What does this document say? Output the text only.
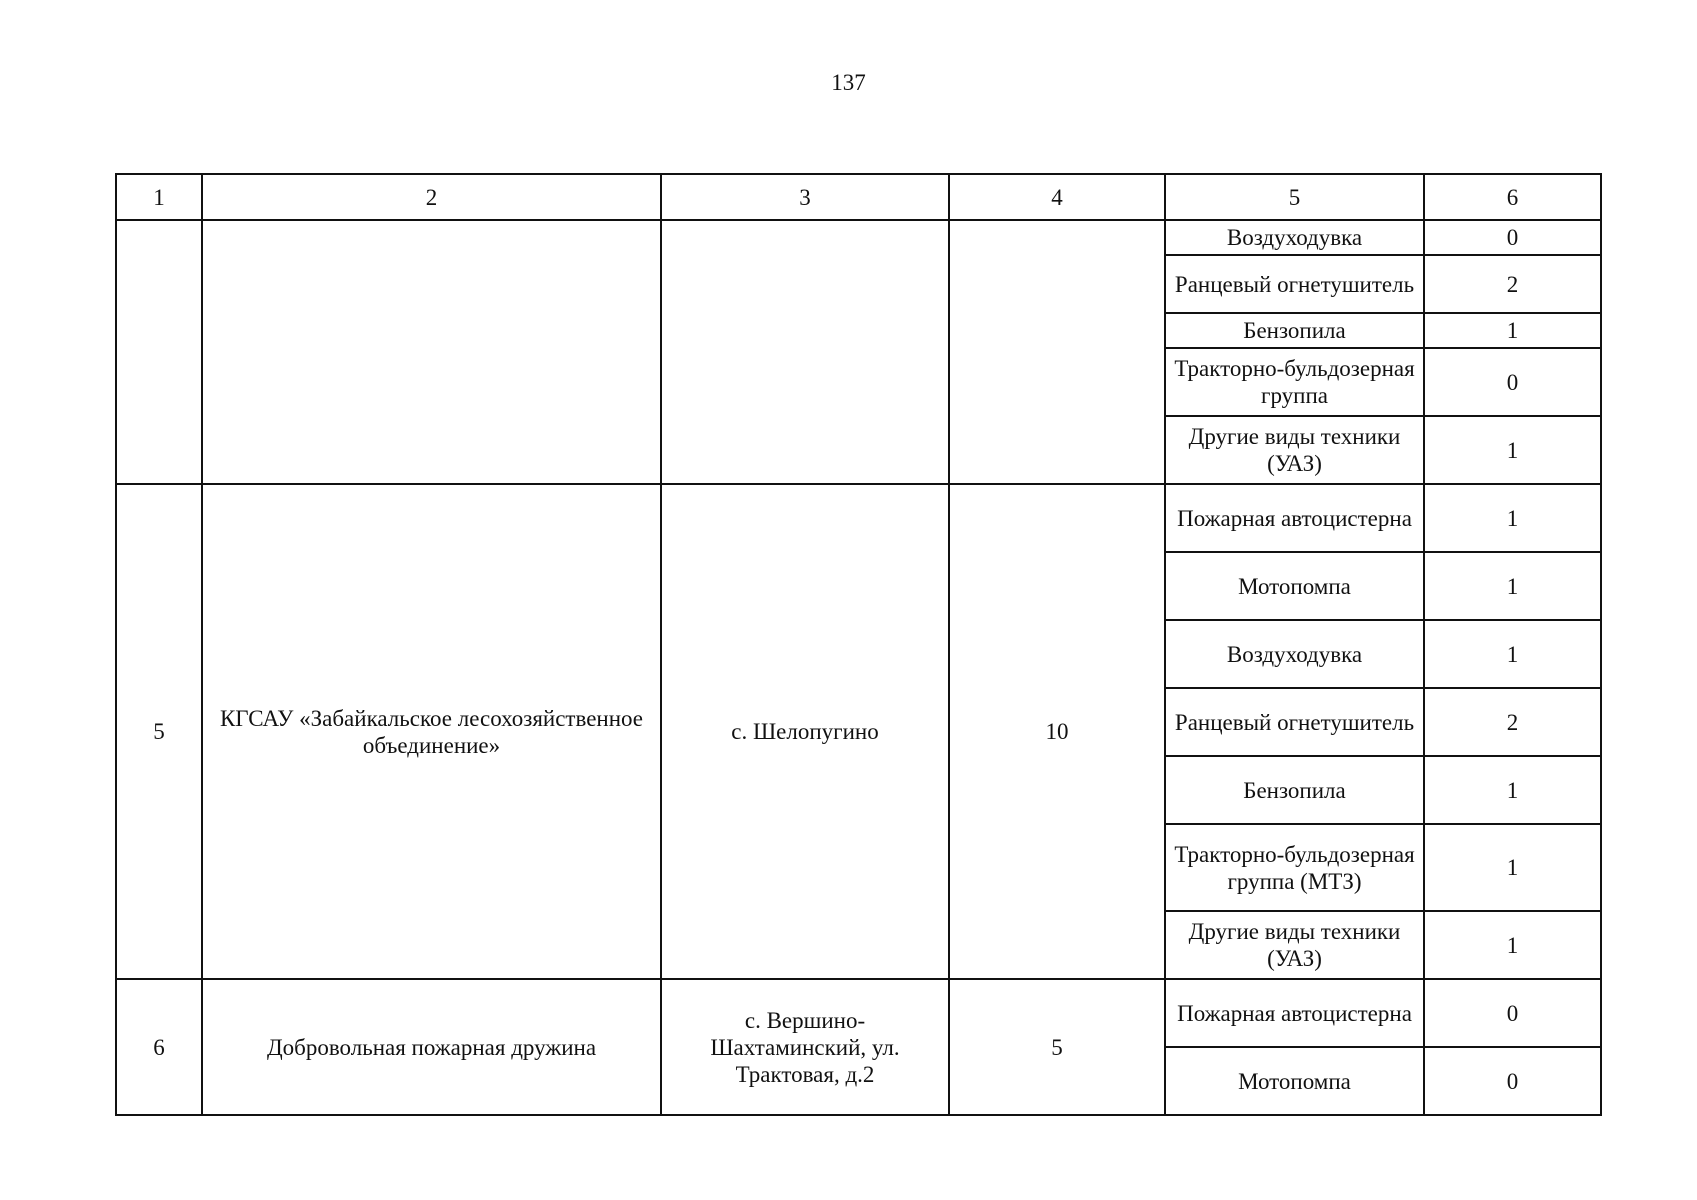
137
1	2	3	4	5	6
				Воздуходувка	0
				Ранцевый огнетушитель	2
				Бензопила	1
				Тракторно-бульдозерная группа	0
				Другие виды техники (УАЗ)	1
5	КГСАУ «Забайкальское лесохозяйственное объединение»	с. Шелопугино	10	Пожарная автоцистерна	1
				Мотопомпа	1
				Воздуходувка	1
				Ранцевый огнетушитель	2
				Бензопила	1
				Тракторно-бульдозерная группа (МТЗ)	1
				Другие виды техники (УАЗ)	1
6	Добровольная пожарная дружина	с. Вершино-Шахтаминский, ул. Трактовая, д.2	5	Пожарная автоцистерна	0
				Мотопомпа	0
